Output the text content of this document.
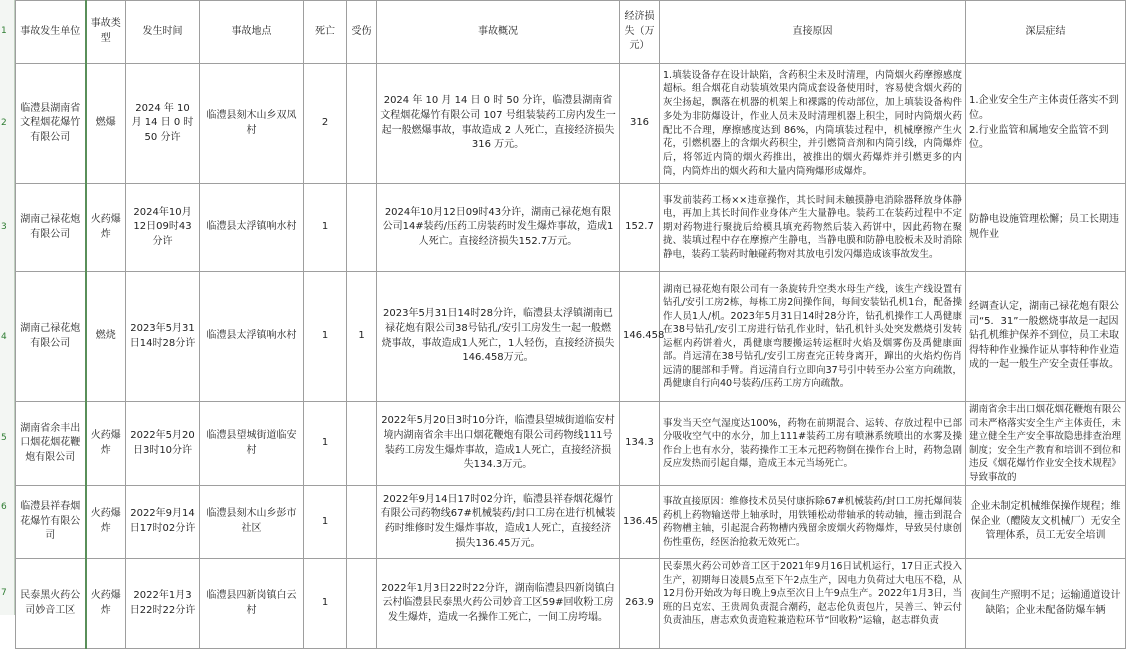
1
2
3
4
5
6
7
事故发生单位	事故类型	发生时间	事故地点	死亡	受伤	事故概况	经济损失（万元）	直接原因	深层症结
临澧县湖南省文程烟花爆竹有限公司	燃爆	2024 年 10 月 14 日 0 时 50 分许	临澧县刻木山乡双凤村	2		2024 年 10 月 14 日 0 时 50 分许，临澧县湖南省文程烟花爆竹有限公司 107 号组装装药工房内发生一起一般燃爆事故，事故造成 2 人死亡，直接经济损失 316 万元。	316	1.填装设备存在设计缺陷，含药积尘未及时清理，内筒烟火药摩擦感度超标。组合烟花自动装填效果内筒成套设备使用时，容易使含烟火药的灰尘扬起，飘落在机器的机架上和裸露的传动部位，加上填装设备构件多处为非防爆设计，作业人员未及时清理机器上积尘，同时内筒烟火药配比不合理，摩擦感度达到 86%，内筒填装过程中，机械摩擦产生火花，引燃机器上的含烟火药积尘，并引燃筒音剂和内筒引线，内筒爆炸后，将邻近内筒的烟火药推出，被推出的烟火药爆炸并引燃更多的内筒，内筒炸出的烟火药和大量内筒殉爆形成爆炸。	1.企业安全生产主体责任落实不到位。
2.行业监管和属地安全监管不到位。
湖南己禄花炮有限公司	火药爆炸	2024年10月12日09时43分许	临澧县太浮镇响水村	1		2024年10月12日09时43分许，湖南己禄花炮有限公司14#装药/压药工房装药时发生爆炸事故，造成1人死亡。直接经济损失152.7万元。	152.7	事发前装药工杨××违章操作，其长时间未触摸静电消除器释放身体静电，再加上其长时间作业身体产生大量静电。装药工在装药过程中不定期对药物进行聚拢后给模具填充药物然后装入药饼中，因此药物在聚拢、装填过程中存在摩擦产生静电，当静电膜和防静电胶板未及时消除静电，装药工装药时触碰药物对其放电引发闪爆造成该事故发生。	防静电设施管理松懈；员工长期违规作业
湖南己禄花炮有限公司	燃烧	2023年5月31日14时28分许	临澧县太浮镇响水村	1	1	2023年5月31日14时28分许，临澧县太浮镇湖南已禄花炮有限公司38号钻孔/安引工房发生一起一般燃烧事故，事故造成1人死亡，1人轻伤，直接经济损失146.458万元。	146.458	湖南已禄花炮有限公司有一条旋转升空类水母生产线，该生产线设置有钻孔/安引工房2栋，每栋工房2间操作间，每间安装钻孔机1台，配备操作人员1人/机。2023年5月31日14时28分许，钻孔机操作工人禹健康在38号钻孔/安引工房进行钻孔作业时，钻孔机针头处突发燃烧引发转运框内药饼着火，禹健康弯腰搬运转运框时火焰及烟雾伤及禹健康面部。肖远清在38号钻孔/安引工房查完正转身离开，蹿出的火焰灼伤肖远清的腿部和手臂。肖远清自行立即向37号引中转至办公室方向疏散，禹健康自行向40号装药/压药工房方向疏散。	经调查认定，湖南己禄花炮有限公司“5．31”一般燃烧事故是一起因钻孔机维护保养不到位，员工未取得特种作业操作证从事特种作业造成的一起一般生产安全责任事故。
湖南省余丰出口烟花烟花鞭炮有限公司	火药爆炸	2022年5月20日3时10分许	临澧县望城街道临安村	1		2022年5月20日3时10分许，临澧县望城街道临安村境内湖南省余丰出口烟花鞭炮有限公司药物线111号装药工房发生爆炸事故，造成1人死亡，直接经济损失134.3万元。	134.3	事发当天空气湿度达100%，药物在前期混合、运转、存放过程中已部分吸收空气中的水分，加上111#装药工房有喷淋系统喷出的水雾及操作台上也有水分，装药操作工王本元把药物倒在操作台上时，药物急剧反应发热而引起自爆，造成王本元当场死亡。	湖南省余丰出口烟花烟花鞭炮有限公司未严格落实安全生产主体责任，未建立健全生产安全事故隐患排查治理制度；安全生产教育和培训不到位和违反《烟花爆竹作业安全技术规程》导致事故的
临澧县祥春烟花爆竹有限公司	火药爆炸	2022年9月14日17时02分许	临澧县刻木山乡彭市社区	1		2022年9月14日17时02分许，临澧县祥春烟花爆竹有限公司药物线67#机械装药/封口工房在进行机械装药时维修时发生爆炸事故，造成1人死亡，直接经济损失136.45万元。	136.45	事故直接原因：维修技术员吴付康拆除67#机械装药/封口工房托爆间装药机上药物输送带上轴承时，用铁锤松动带轴承的转动轴，撞击到混合药物槽主轴，引起混合药物槽内残留余废烟火药物爆炸，导致吴付康创伤性重伤，经医治抢救无效死亡。	企业未制定机械维保操作规程；维保企业（醴陵友文机械厂）无安全管理体系，员工无安全培训
民泰黑火药公司妙音工区	火药爆炸	2022年1月3日22时22分许	临澧县四新岗镇白云村	1		2022年1月3日22时22分许，湖南临澧县四新岗镇白云村临澧县民泰黑火药公司妙音工区59#回收粉工房发生爆炸，造成一名操作工死亡，一间工房垮塌。	263.9	民泰黑火药公司妙音工区于2021年9月16日试机运行，17日正式投入生产，初期每日凌晨5点至下午2点生产，因电力负荷过大电压不稳，从12月份开始改为每日晚上9点至次日上午9点生产。2022年1月3日，当班的吕克宏、王贵周负责混合潮药，赵志伦负责包片，吴善三、钟云付负责油压，唐志欢负责造粒兼造粒环节“回收粉”运输，赵志群负责	夜间生产照明不足；运输通道设计缺陷；企业未配备防爆车辆
